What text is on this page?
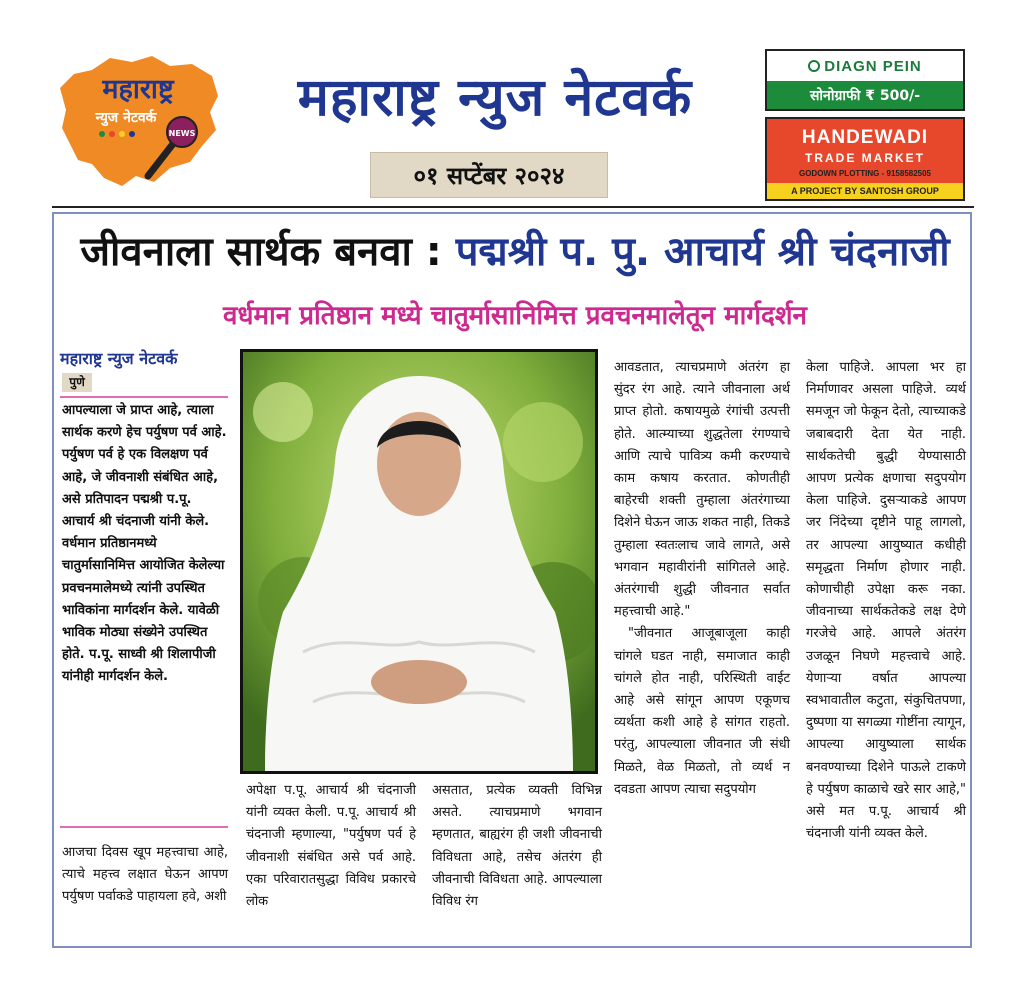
महाराष्ट्र
न्युज नेटवर्क
NEWS
महाराष्ट्र न्युज नेटवर्क
०१ सप्टेंबर २०२४
DIAGN PEIN
सोनोग्राफी ₹ 500/-
HANDEWADI
TRADE MARKET
GODOWN PLOTTING - 9158582505
A PROJECT BY SANTOSH GROUP
जीवनाला सार्थक बनवा : पद्मश्री प. पु. आचार्य श्री चंदनाजी
वर्धमान प्रतिष्ठान मध्ये चातुर्मासानिमित्त प्रवचनमालेतून मार्गदर्शन
महाराष्ट्र न्युज नेटवर्क
पुणे
आपल्याला जे प्राप्त आहे, त्याला सार्थक करणे हेच पर्युषण पर्व आहे. पर्युषण पर्व हे एक विलक्षण पर्व आहे, जे जीवनाशी संबंधित आहे, असे प्रतिपादन पद्मश्री प.पू. आचार्य श्री चंदनाजी यांनी केले. वर्धमान प्रतिष्ठानमध्ये चातुर्मासानिमित्त आयोजित केलेल्या प्रवचनमालेमध्ये त्यांनी उपस्थित भाविकांना मार्गदर्शन केले. यावेळी भाविक मोठ्या संख्येने उपस्थित होते. प.पू. साध्वी श्री शिलापीजी यांनीही मार्गदर्शन केले.

आजचा दिवस खूप महत्त्वाचा आहे, त्याचे महत्त्व लक्षात घेऊन आपण पर्युषण पर्वाकडे पाहायला हवे, अशी

अपेक्षा प.पू. आचार्य श्री चंदनाजी यांनी व्यक्त केली. प.पू. आचार्य श्री चंदनाजी म्हणाल्या, "पर्युषण पर्व हे जीवनाशी संबंधित असे पर्व आहे. एका परिवारातसुद्धा विविध प्रकारचे लोक

असतात, प्रत्येक व्यक्ती विभिन्न असते. त्याचप्रमाणे भगवान म्हणतात, बाह्यरंग ही जशी जीवनाची विविधता आहे, तसेच अंतरंग ही जीवनाची विविधता आहे. आपल्याला विविध रंग

आवडतात, त्याचप्रमाणे अंतरंग हा सुंदर रंग आहे. त्याने जीवनाला अर्थ प्राप्त होतो. कषायमुळे रंगांची उत्पत्ती होते. आत्म्याच्या शुद्धतेला रंगण्याचे आणि त्याचे पावित्र्य कमी करण्याचे काम कषाय करतात. कोणतीही बाहेरची शक्ती तुम्हाला अंतरंगाच्या दिशेने घेऊन जाऊ शकत नाही, तिकडे तुम्हाला स्वतःलाच जावे लागते, असे भगवान महावीरांनी सांगितले आहे. अंतरंगाची शुद्धी जीवनात सर्वात महत्त्वाची आहे."

"जीवनात आजूबाजूला काही चांगले घडत नाही, समाजात काही चांगले होत नाही, परिस्थिती वाईट आहे असे सांगून आपण एकूणच व्यर्थता कशी आहे हे सांगत राहतो. परंतु, आपल्याला जीवनात जी संधी मिळते, वेळ मिळतो, तो व्यर्थ न दवडता आपण त्याचा सदुपयोग

केला पाहिजे. आपला भर हा निर्माणावर असला पाहिजे. व्यर्थ समजून जो फेकून देतो, त्याच्याकडे जबाबदारी देता येत नाही. सार्थकतेची बुद्धी येण्यासाठी आपण प्रत्येक क्षणाचा सदुपयोग केला पाहिजे. दुसऱ्याकडे आपण जर निंदेच्या दृष्टीने पाहू लागलो, तर आपल्या आयुष्यात कधीही समृद्धता निर्माण होणार नाही. कोणाचीही उपेक्षा करू नका. जीवनाच्या सार्थकतेकडे लक्ष देणे गरजेचे आहे. आपले अंतरंग उजळून निघणे महत्त्वाचे आहे. येणाऱ्या वर्षात आपल्या स्वभावातील कटुता, संकुचितपणा, दुष्पणा या सगळ्या गोष्टींना त्यागून, आपल्या आयुष्याला सार्थक बनवण्याच्या दिशेने पाऊले टाकणे हे पर्युषण काळाचे खरे सार आहे," असे मत प.पू. आचार्य श्री चंदनाजी यांनी व्यक्त केले.
